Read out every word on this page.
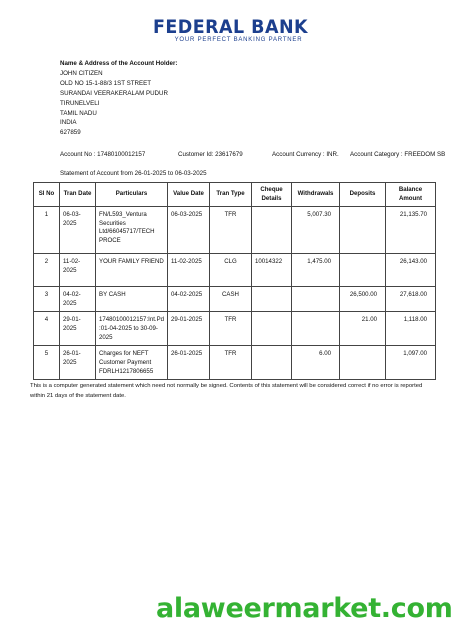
FEDERAL BANK
YOUR PERFECT BANKING PARTNER
Name & Address of the Account Holder:
JOHN CITIZEN
OLD NO 15-1-88/3 1ST STREET
SURANDAI VEERAKERALAM PUDUR
TIRUNELVELI
TAMIL NADU
INDIA
627859
Account No : 17480100012157	Customer Id: 23617679	Account Currency : INR. Account Category : FREEDOM SB
Statement of Account from 26-01-2025 to 06-03-2025
Sl No	Tran Date	Particulars	Value Date	Tran Type	Cheque Details	Withdrawals	Deposits	Balance Amount
1	06-03-2025	FN/L593_Ventura Securities Ltd/66045717/TECH PROCE	06-03-2025	TFR		5,007.30		21,135.70
2	11-02-2025	YOUR FAMILY FRIEND	11-02-2025	CLG	10014322	1,475.00		26,143.00
3	04-02-2025	BY CASH	04-02-2025	CASH			26,500.00	27,618.00
4	29-01-2025	17480100012157:Int.Pd :01-04-2025 to 30-09-2025	29-01-2025	TFR			21.00	1,118.00
5	26-01-2025	Charges for NEFT Customer Payment FDRLH1217806655	26-01-2025	TFR		6.00		1,097.00
This is a computer generated statement which need not normally be signed. Contents of this statement will be considered correct if no error is reported within 21 days of the statement date.
alaweermarket.com
